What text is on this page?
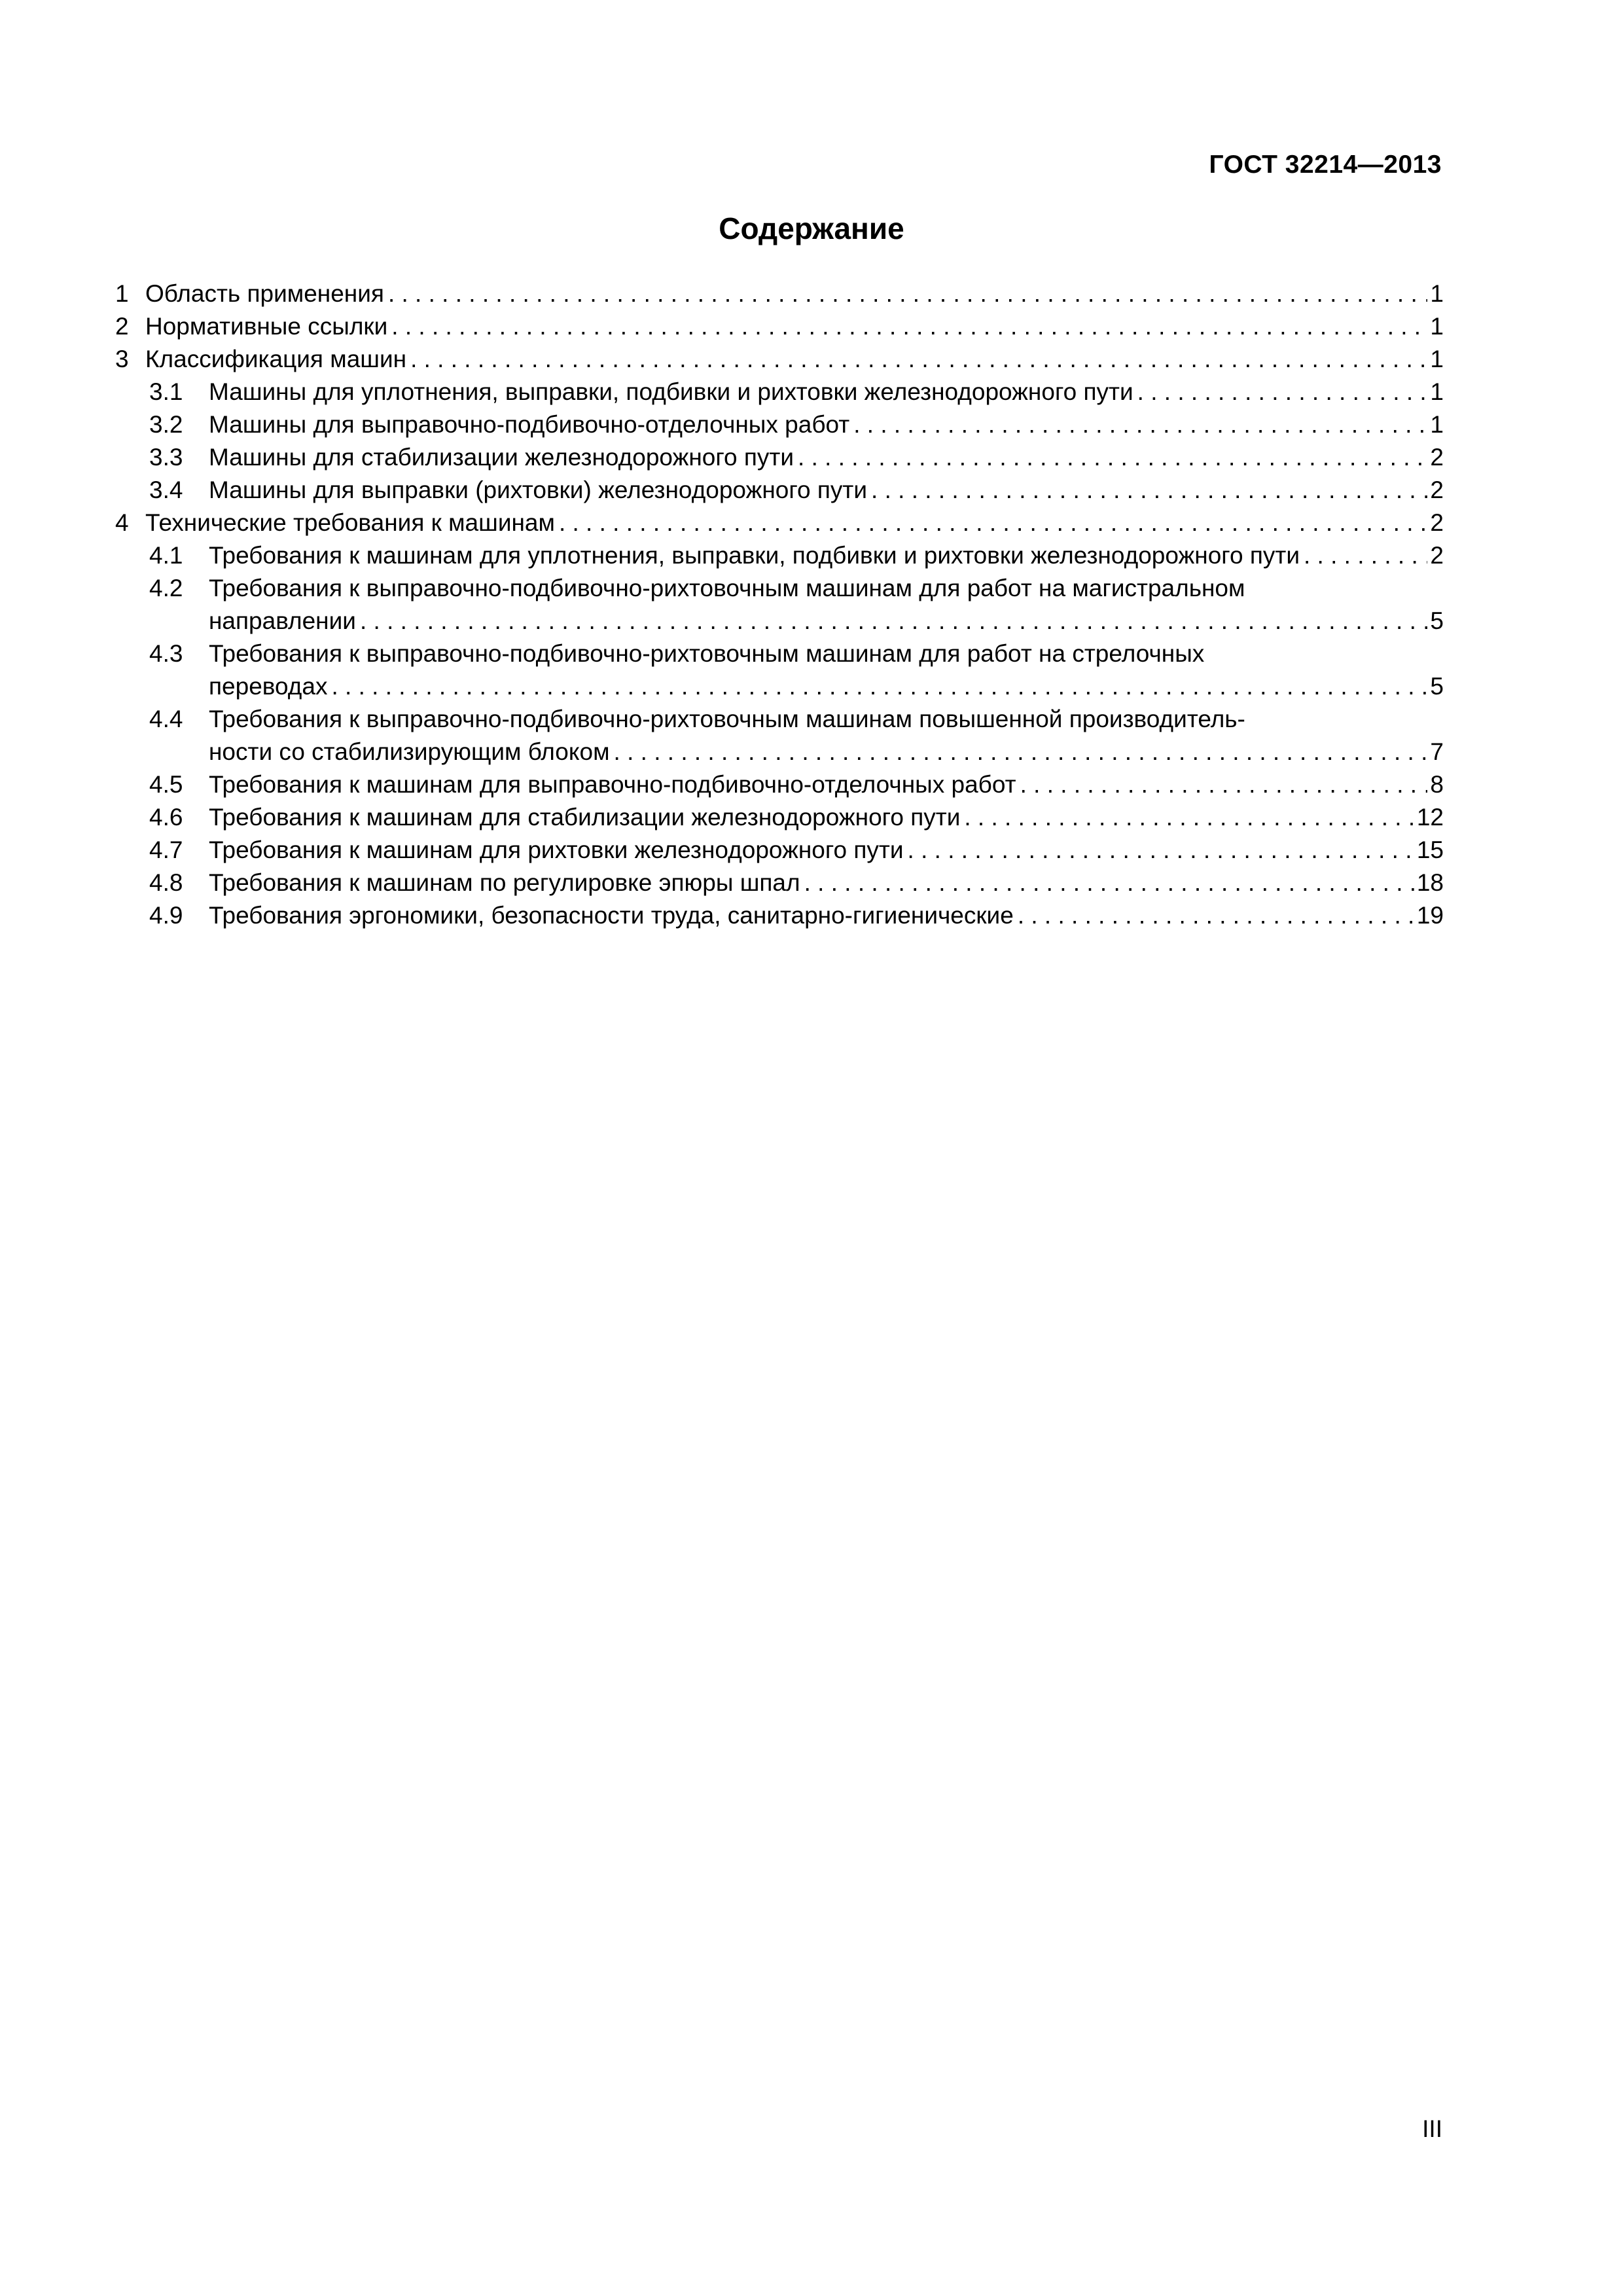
ГОСТ 32214—2013
Содержание
1 Область применения . . .	1
2 Нормативные ссылки . . .	1
3 Классификация машин . . .	1
3.1 Машины для уплотнения, выправки, подбивки и рихтовки железнодорожного пути . . .	1
3.2 Машины для выправочно-подбивочно-отделочных работ . . .	1
3.3 Машины для стабилизации железнодорожного пути . . .	2
3.4 Машины для выправки (рихтовки) железнодорожного пути . . .	2
4 Технические требования к машинам . . .	2
4.1 Требования к машинам для уплотнения, выправки, подбивки и рихтовки железнодорожного пути . . .	2
4.2 Требования к выправочно-подбивочно-рихтовочным машинам для работ на магистральном
направлении . . .	5
4.3 Требования к выправочно-подбивочно-рихтовочным машинам для работ на стрелочных
переводах . . .	5
4.4 Требования к выправочно-подбивочно-рихтовочным машинам повышенной производитель-
ности со стабилизирующим блоком . . .	7
4.5 Требования к машинам для выправочно-подбивочно-отделочных работ . . .	8
4.6 Требования к машинам для стабилизации железнодорожного пути . . .	12
4.7 Требования к машинам для рихтовки железнодорожного пути . . .	15
4.8 Требования к машинам по регулировке эпюры шпал . . .	18
4.9 Требования эргономики, безопасности труда, санитарно-гигиенические . . .	19
III
